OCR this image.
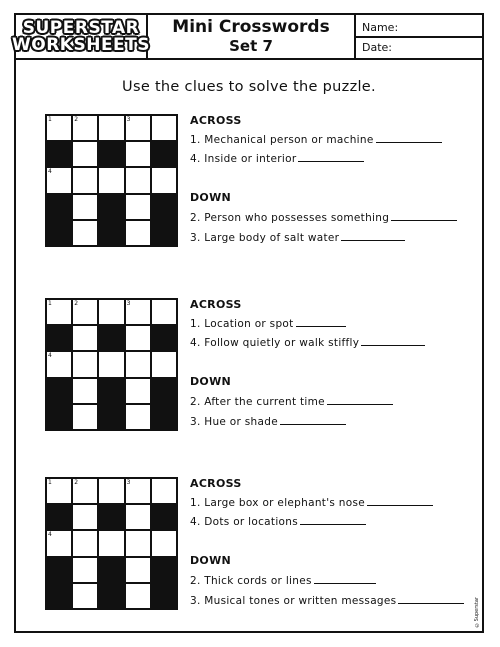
SUPERSTAR
WORKSHEETS
Mini Crosswords
Set 7
Name:
Date:
Use the clues to solve the puzzle.
1	2	3
4
ACROSS
1. Mechanical person or machine
4. Inside or interior
DOWN
2. Person who possesses something
3. Large body of salt water
1	2	3
4
ACROSS
1. Location or spot
4. Follow quietly or walk stiffly
DOWN
2. After the current time
3. Hue or shade
1	2	3
4
ACROSS
1. Large box or elephant's nose
4. Dots or locations
DOWN
2. Thick cords or lines
3. Musical tones or written messages	©Superstar
